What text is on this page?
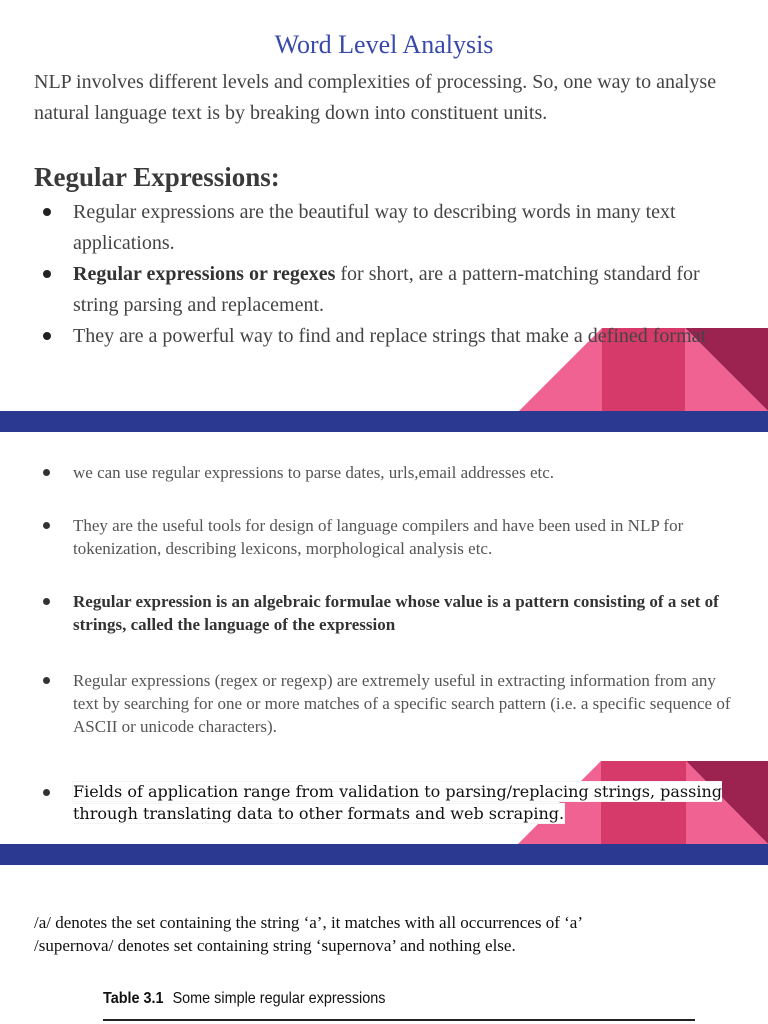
Word Level Analysis
NLP involves different levels and complexities of processing. So, one way to analyse natural language text is by breaking down into constituent units.
Regular Expressions:
Regular expressions are the beautiful way to describing words in many text applications.
Regular expressions or regexes for short, are a pattern-matching standard for string parsing and replacement.
They are a powerful way to find and replace strings that make a defined format
we can use regular expressions to parse dates, urls,email addresses etc.
They are the useful tools for design of language compilers and have been used in NLP for tokenization, describing lexicons, morphological analysis etc.
Regular expression is an algebraic formulae whose value is a pattern consisting of a set of strings, called the language of the expression
Regular expressions (regex or regexp) are extremely useful in extracting information from any text by searching for one or more matches of a specific search pattern (i.e. a specific sequence of ASCII or unicode characters).
Fields of application range from validation to parsing/replacing strings, passing through translating data to other formats and web scraping.
/a/ denotes the set containing the string ‘a’, it matches with all occurrences of ‘a’
/supernova/ denotes set containing string ‘supernova’ and nothing else.
Table 3.1 Some simple regular expressions
